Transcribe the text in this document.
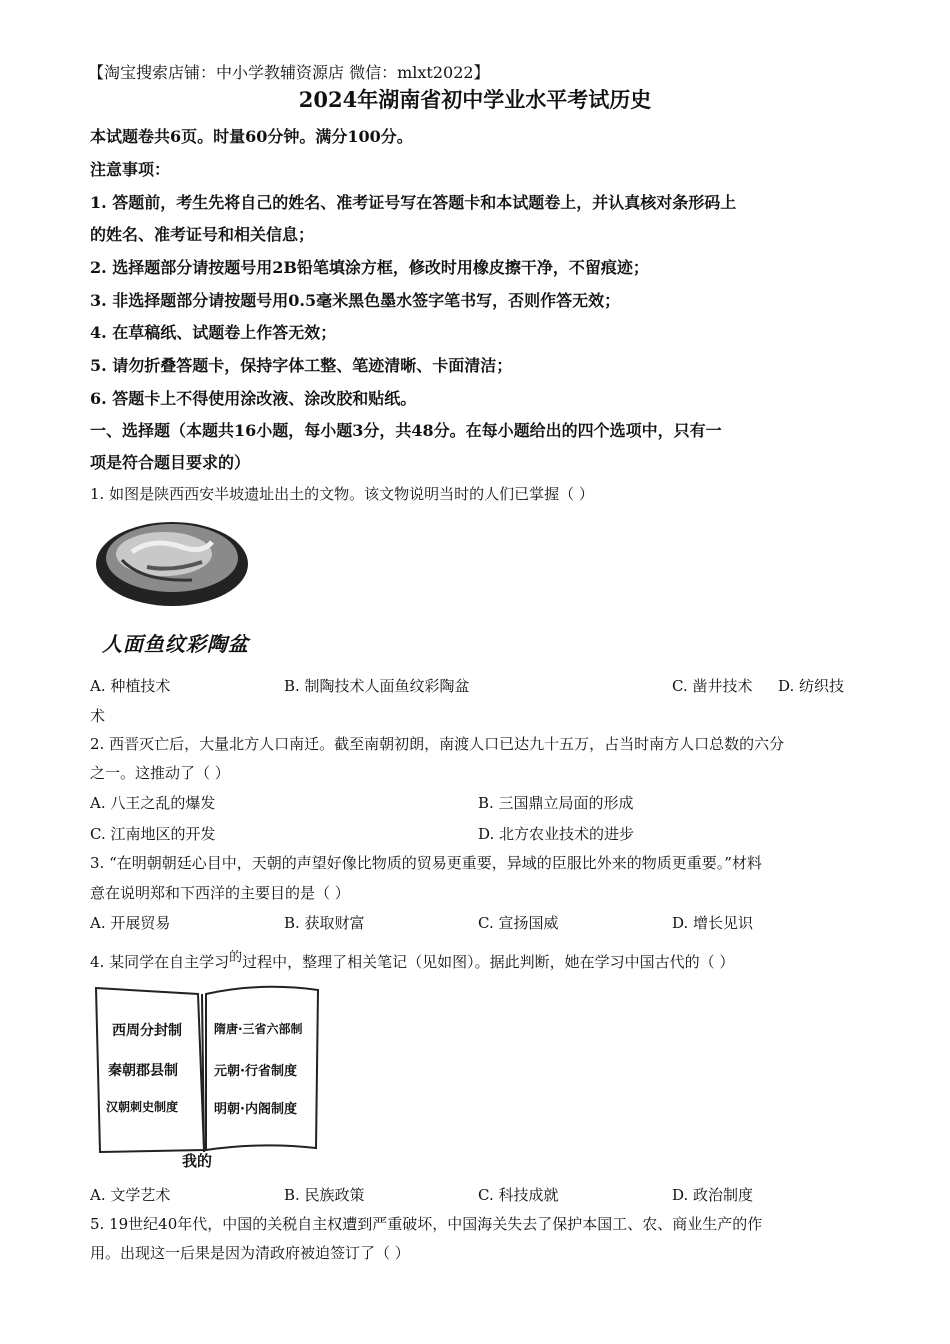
【淘宝搜索店铺：中小学教辅资源店 微信：mlxt2022】
2024年湖南省初中学业水平考试历史
本试题卷共6页。时量60分钟。满分100分。
注意事项：
1. 答题前，考生先将自己的姓名、准考证号写在答题卡和本试题卷上，并认真核对条形码上
的姓名、准考证号和相关信息；
2. 选择题部分请按题号用2B铅笔填涂方框，修改时用橡皮擦干净，不留痕迹；
3. 非选择题部分请按题号用0.5毫米黑色墨水签字笔书写，否则作答无效；
4. 在草稿纸、试题卷上作答无效；
5. 请勿折叠答题卡，保持字体工整、笔迹清晰、卡面清洁；
6. 答题卡上不得使用涂改液、涂改胶和贴纸。
一、选择题（本题共16小题，每小题3分，共48分。在每小题给出的四个选项中，只有一
项是符合题目要求的）
1. 如图是陕西西安半坡遗址出土的文物。该文物说明当时的人们已掌握（ ）
人面鱼纹彩陶盆
A. 种植技术	B. 制陶技术人面鱼纹彩陶盆	C. 凿井技术 D. 纺织技
术
2. 西晋灭亡后，大量北方人口南迁。截至南朝初朗，南渡人口已达九十五万，占当时南方人口总数的六分
之一。这推动了（ ）
A. 八王之乱的爆发	B. 三国鼎立局面的形成
C. 江南地区的开发	D. 北方农业技术的进步
3. “在明朝朝廷心目中，天朝的声望好像比物质的贸易更重要，异域的臣服比外来的物质更重要。”材料
意在说明郑和下西洋的主要目的是（ ）
A. 开展贸易	B. 获取财富	C. 宣扬国威	D. 增长见识
4. 某同学在自主学习$^的$过程中，整理了相关笔记（见如图）。据此判断，她在学习中国古代的（ ）
西周分封制
秦朝郡县制
汉朝刺史制度
隋唐·三省六部制
元朝·行省制度
明朝·内阁制度
我的
A. 文学艺术	B. 民族政策	C. 科技成就	D. 政治制度
5. 19世纪40年代，中国的关税自主权遭到严重破坏，中国海关失去了保护本国工、农、商业生产的作
用。出现这一后果是因为清政府被迫签订了（ ）
